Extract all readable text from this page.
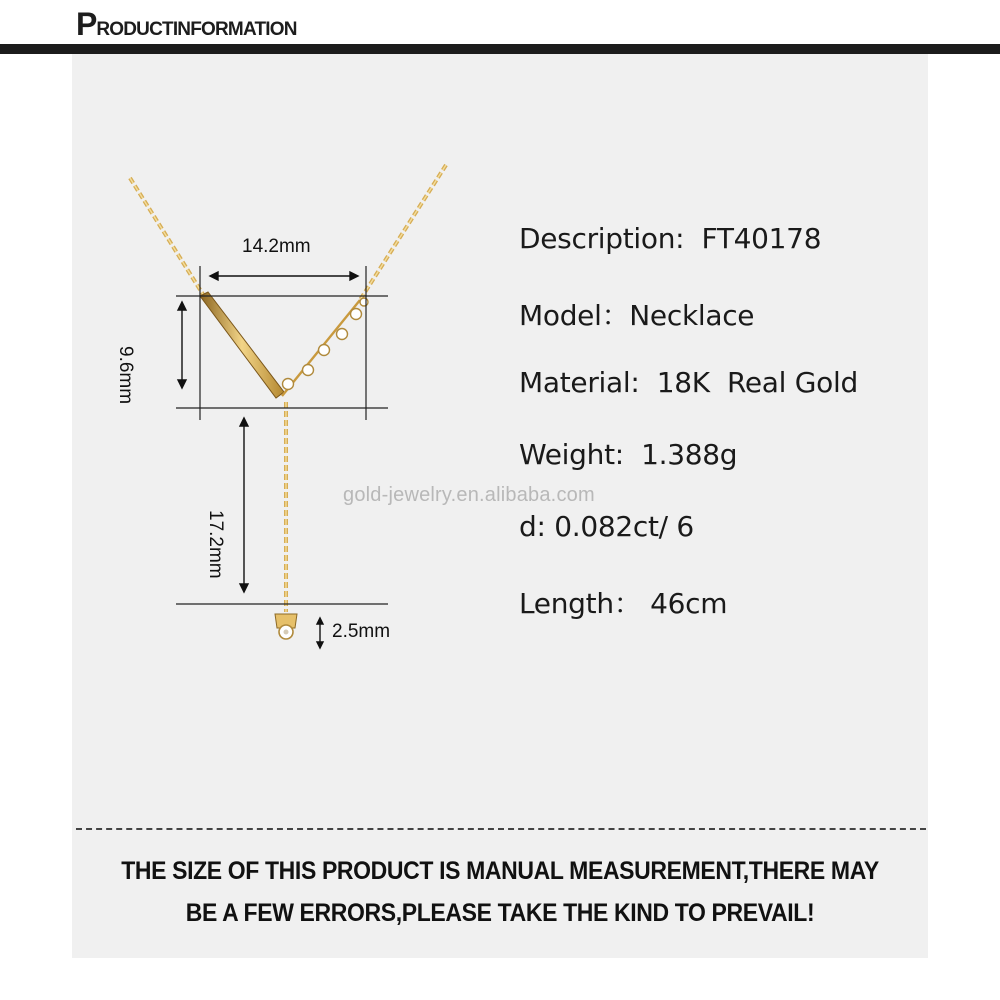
PRODUCTINFORMATION
14.2mm
9.6mm
17.2mm
2.5mm
gold-jewelry.en.alibaba.com
Description: FT40178
Model：Necklace
Material: 18K  Real Gold
Weight: 1.388g
d: 0.082ct/ 6
Length： 46cm
THE SIZE OF THIS PRODUCT IS MANUAL MEASUREMENT,THERE MAY
BE A FEW ERRORS,PLEASE TAKE THE KIND TO PREVAIL!
